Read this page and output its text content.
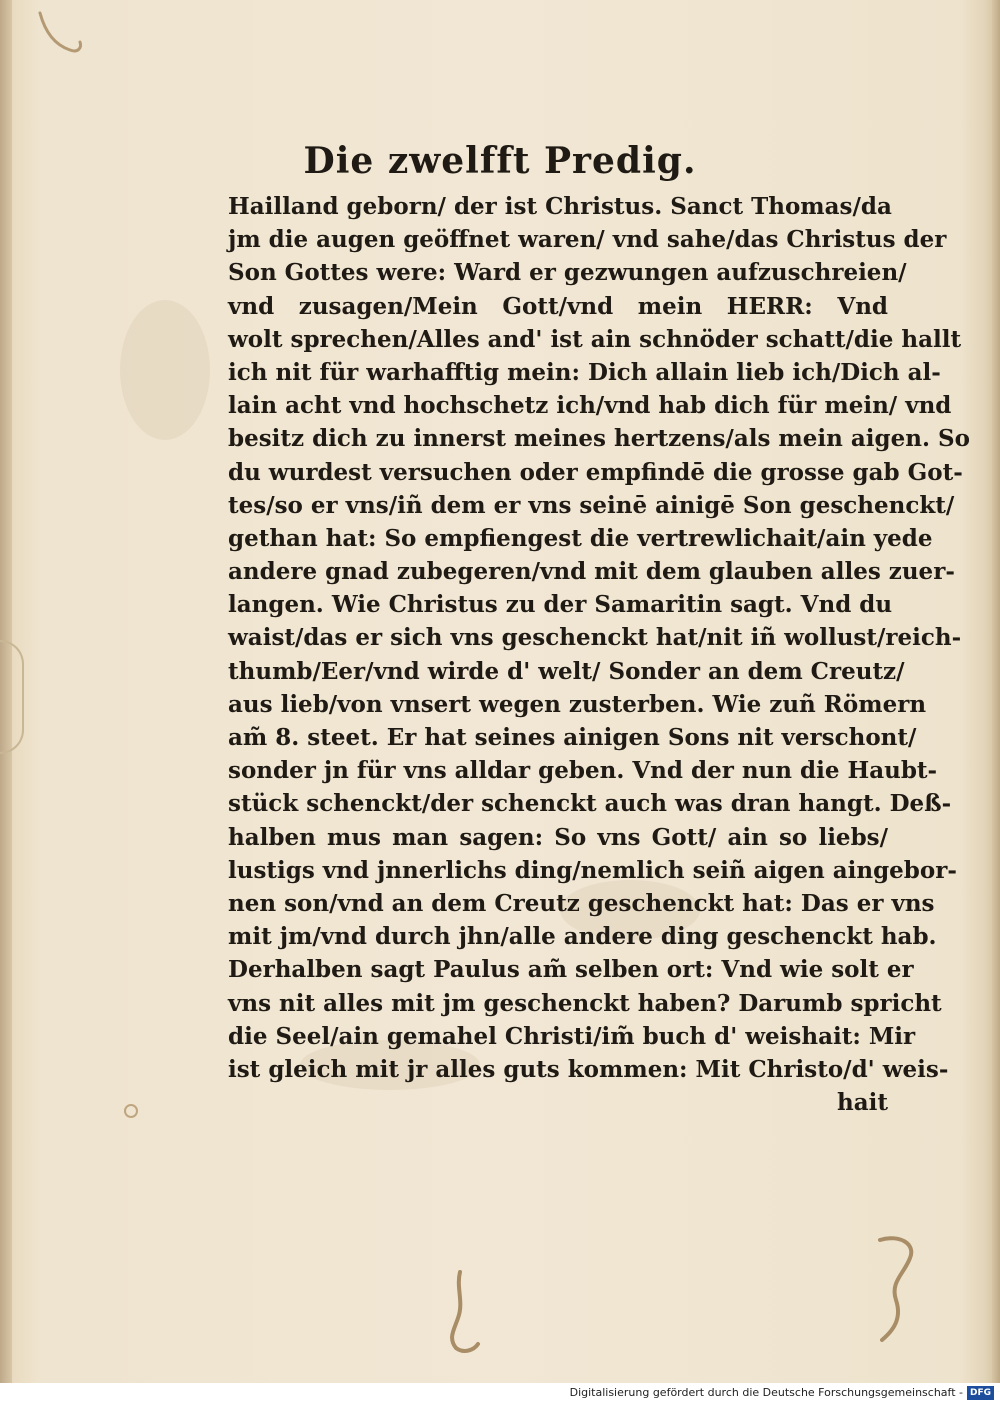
Die zwelfft Predig.
Hailland geborn/ der ist Christus. Sanct Thomas/da
jm die augen geöffnet waren/ vnd sahe/das Christus der
Son Gottes were: Ward er gezwungen aufzuschreien/
vnd zusagen/Mein Gott/vnd mein HERR: Vnd
wolt sprechen/Alles and' ist ain schnöder schatt/die hallt
ich nit für warhafftig mein: Dich allain lieb ich/Dich al-
lain acht vnd hochschetz ich/vnd hab dich für mein/ vnd
besitz dich zu innerst meines hertzens/als mein aigen. So
du wurdest versuchen oder empfindē die grosse gab Got-
tes/so er vns/iñ dem er vns seinē ainigē Son geschenckt/
gethan hat: So empfiengest die vertrewlichait/ain yede
andere gnad zubegeren/vnd mit dem glauben alles zuer-
langen. Wie Christus zu der Samaritin sagt. Vnd du
waist/das er sich vns geschenckt hat/nit iñ wollust/reich-
thumb/Eer/vnd wirde d' welt/ Sonder an dem Creutz/
aus lieb/von vnsert wegen zusterben. Wie zuñ Römern
am̃ 8. steet. Er hat seines ainigen Sons nit verschont/
sonder jn für vns alldar geben. Vnd der nun die Haubt-
stück schenckt/der schenckt auch was dran hangt. Deß-
halben mus man sagen: So vns Gott/ ain so liebs/
lustigs vnd jnnerlichs ding/nemlich seiñ aigen aingebor-
nen son/vnd an dem Creutz geschenckt hat: Das er vns
mit jm/vnd durch jhn/alle andere ding geschenckt hab.
Derhalben sagt Paulus am̃ selben ort: Vnd wie solt er
vns nit alles mit jm geschenckt haben? Darumb spricht
die Seel/ain gemahel Christi/im̃ buch d' weishait: Mir
ist gleich mit jr alles guts kommen: Mit Christo/d' weis-
hait
Digitalisierung gefördert durch die Deutsche Forschungsgemeinschaft - DFG
